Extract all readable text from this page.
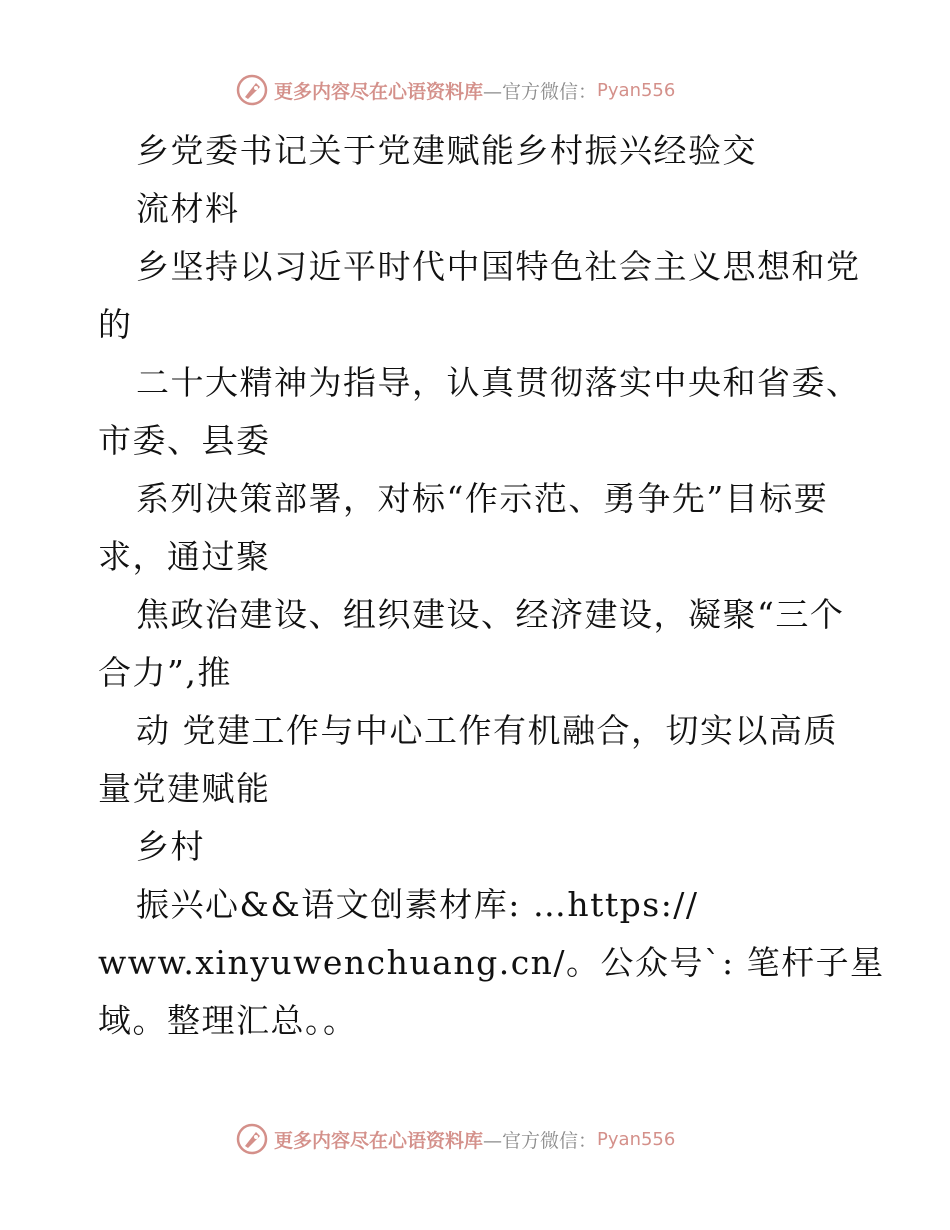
更多内容尽在心语资料库 —官方微信： Pyan556
乡党委书记关于党建赋能乡村振兴经验交
流材料
乡坚持以习近平时代中国特色社会主义思想和党
的
二十大精神为指导，认真贯彻落实中央和省委、
市委、县委
系列决策部署，对标“作示范、勇争先”目标要
求，通过聚
焦政治建设、组织建设、经济建设，凝聚“三个
合力”,推
动 党建工作与中心工作有机融合，切实以高质
量党建赋能
乡村
振兴心&&语文创素材库: …https://
www.xinyuwenchuang.cn/。公众号`: 笔杆子星
域。整理汇总。。
更多内容尽在心语资料库 —官方微信： Pyan556
